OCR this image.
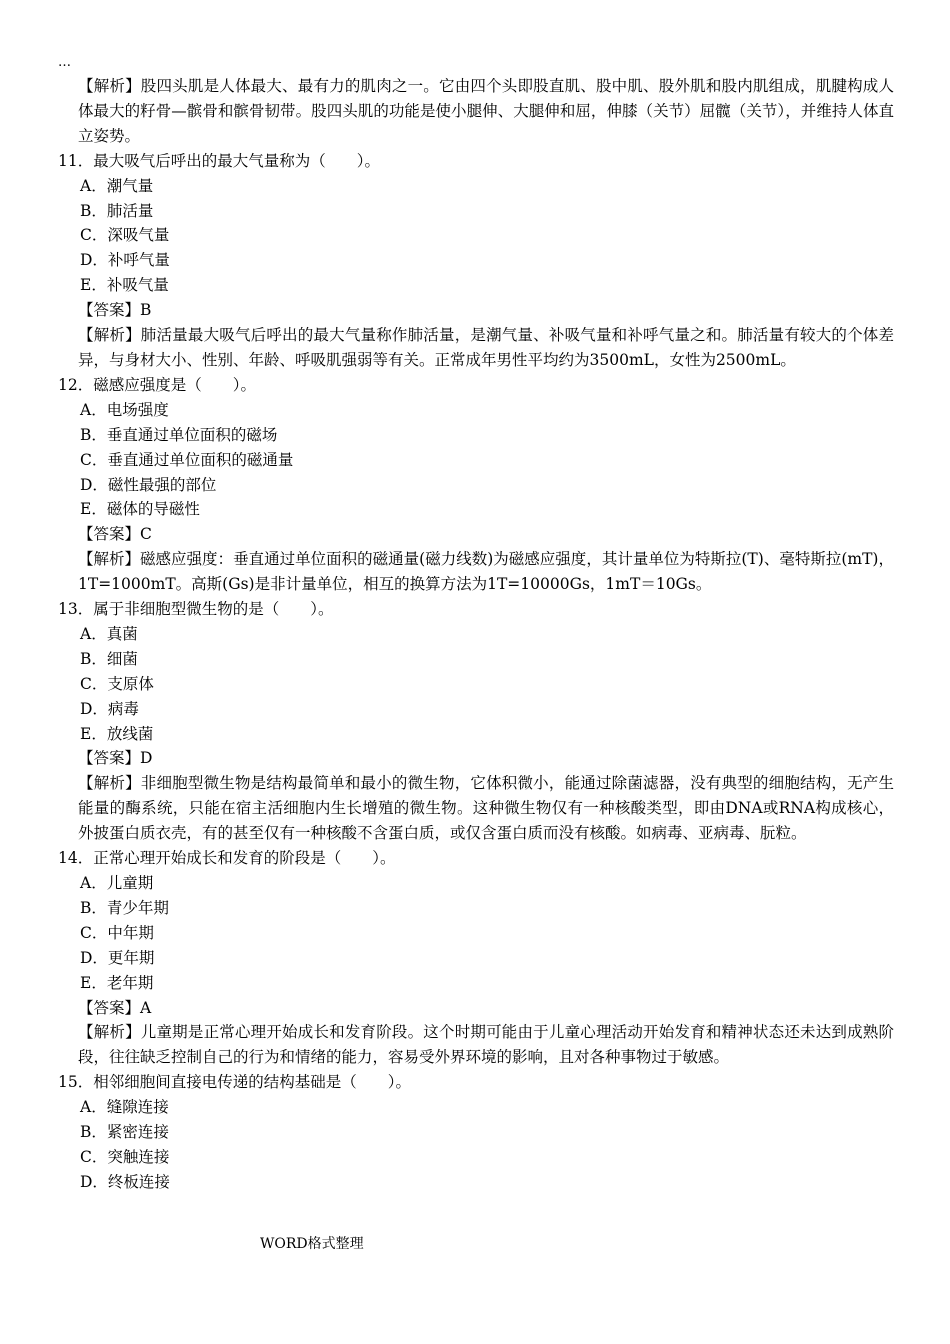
…
【解析】股四头肌是人体最大、最有力的肌肉之一。它由四个头即股直肌、股中肌、股外肌和股内肌组成，肌腱构成人体最大的籽骨—髌骨和髌骨韧带。股四头肌的功能是使小腿伸、大腿伸和屈，伸膝（关节）屈髋（关节），并维持人体直立姿势。
11．最大吸气后呼出的最大气量称为（　　）。
A．潮气量
B．肺活量
C．深吸气量
D．补呼气量
E．补吸气量
【答案】B
【解析】肺活量最大吸气后呼出的最大气量称作肺活量，是潮气量、补吸气量和补呼气量之和。肺活量有较大的个体差异，与身材大小、性别、年龄、呼吸肌强弱等有关。正常成年男性平均约为3500mL，女性为2500mL。
12．磁感应强度是（　　）。
A．电场强度
B．垂直通过单位面积的磁场
C．垂直通过单位面积的磁通量
D．磁性最强的部位
E．磁体的导磁性
【答案】C
【解析】磁感应强度：垂直通过单位面积的磁通量(磁力线数)为磁感应强度，其计量单位为特斯拉(T)、毫特斯拉(mT)，1T=1000mT。高斯(Gs)是非计量单位，相互的换算方法为1T=10000Gs，1mT＝10Gs。
13．属于非细胞型微生物的是（　　）。
A．真菌
B．细菌
C．支原体
D．病毒
E．放线菌
【答案】D
【解析】非细胞型微生物是结构最简单和最小的微生物，它体积微小，能通过除菌滤器，没有典型的细胞结构，无产生能量的酶系统，只能在宿主活细胞内生长增殖的微生物。这种微生物仅有一种核酸类型，即由DNA或RNA构成核心，外披蛋白质衣壳，有的甚至仅有一种核酸不含蛋白质，或仅含蛋白质而没有核酸。如病毒、亚病毒、朊粒。
14．正常心理开始成长和发育的阶段是（　　）。
A．儿童期
B．青少年期
C．中年期
D．更年期
E．老年期
【答案】A
【解析】儿童期是正常心理开始成长和发育阶段。这个时期可能由于儿童心理活动开始发育和精神状态还未达到成熟阶段，往往缺乏控制自己的行为和情绪的能力，容易受外界环境的影响，且对各种事物过于敏感。
15．相邻细胞间直接电传递的结构基础是（　　）。
A．缝隙连接
B．紧密连接
C．突触连接
D．终板连接
WORD格式整理
